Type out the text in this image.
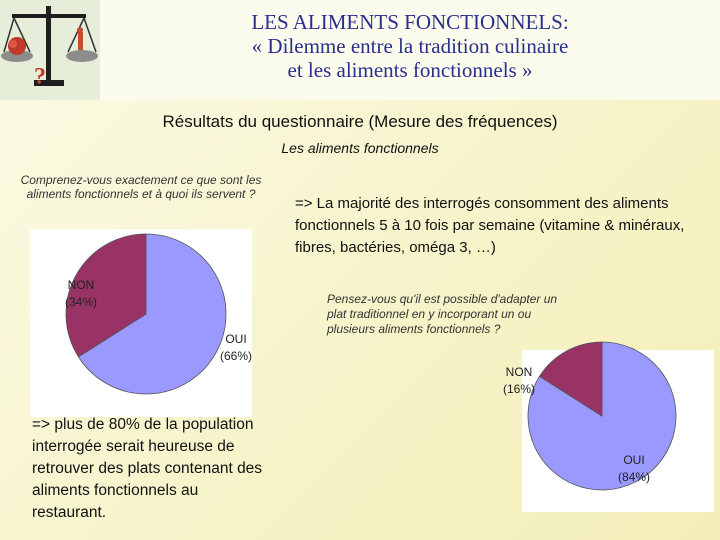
?
LES ALIMENTS FONCTIONNELS:
« Dilemme entre la tradition culinaire
et les aliments fonctionnels »
Résultats du questionnaire (Mesure des fréquences)
Les aliments fonctionnels
Comprenez-vous exactement ce que sont les aliments fonctionnels et à quoi ils servent ?
NON
(34%)
OUI
(66%)
=> plus de 80% de la population interrogée serait heureuse de retrouver des plats contenant des aliments fonctionnels au restaurant.
=> La majorité des interrogés consomment des aliments fonctionnels 5 à 10 fois par semaine (vitamine & minéraux, fibres, bactéries, oméga 3, …)
Pensez-vous qu'il est possible d'adapter un plat traditionnel en y incorporant un ou plusieurs aliments fonctionnels ?
NON
(16%)
OUI
(84%)
